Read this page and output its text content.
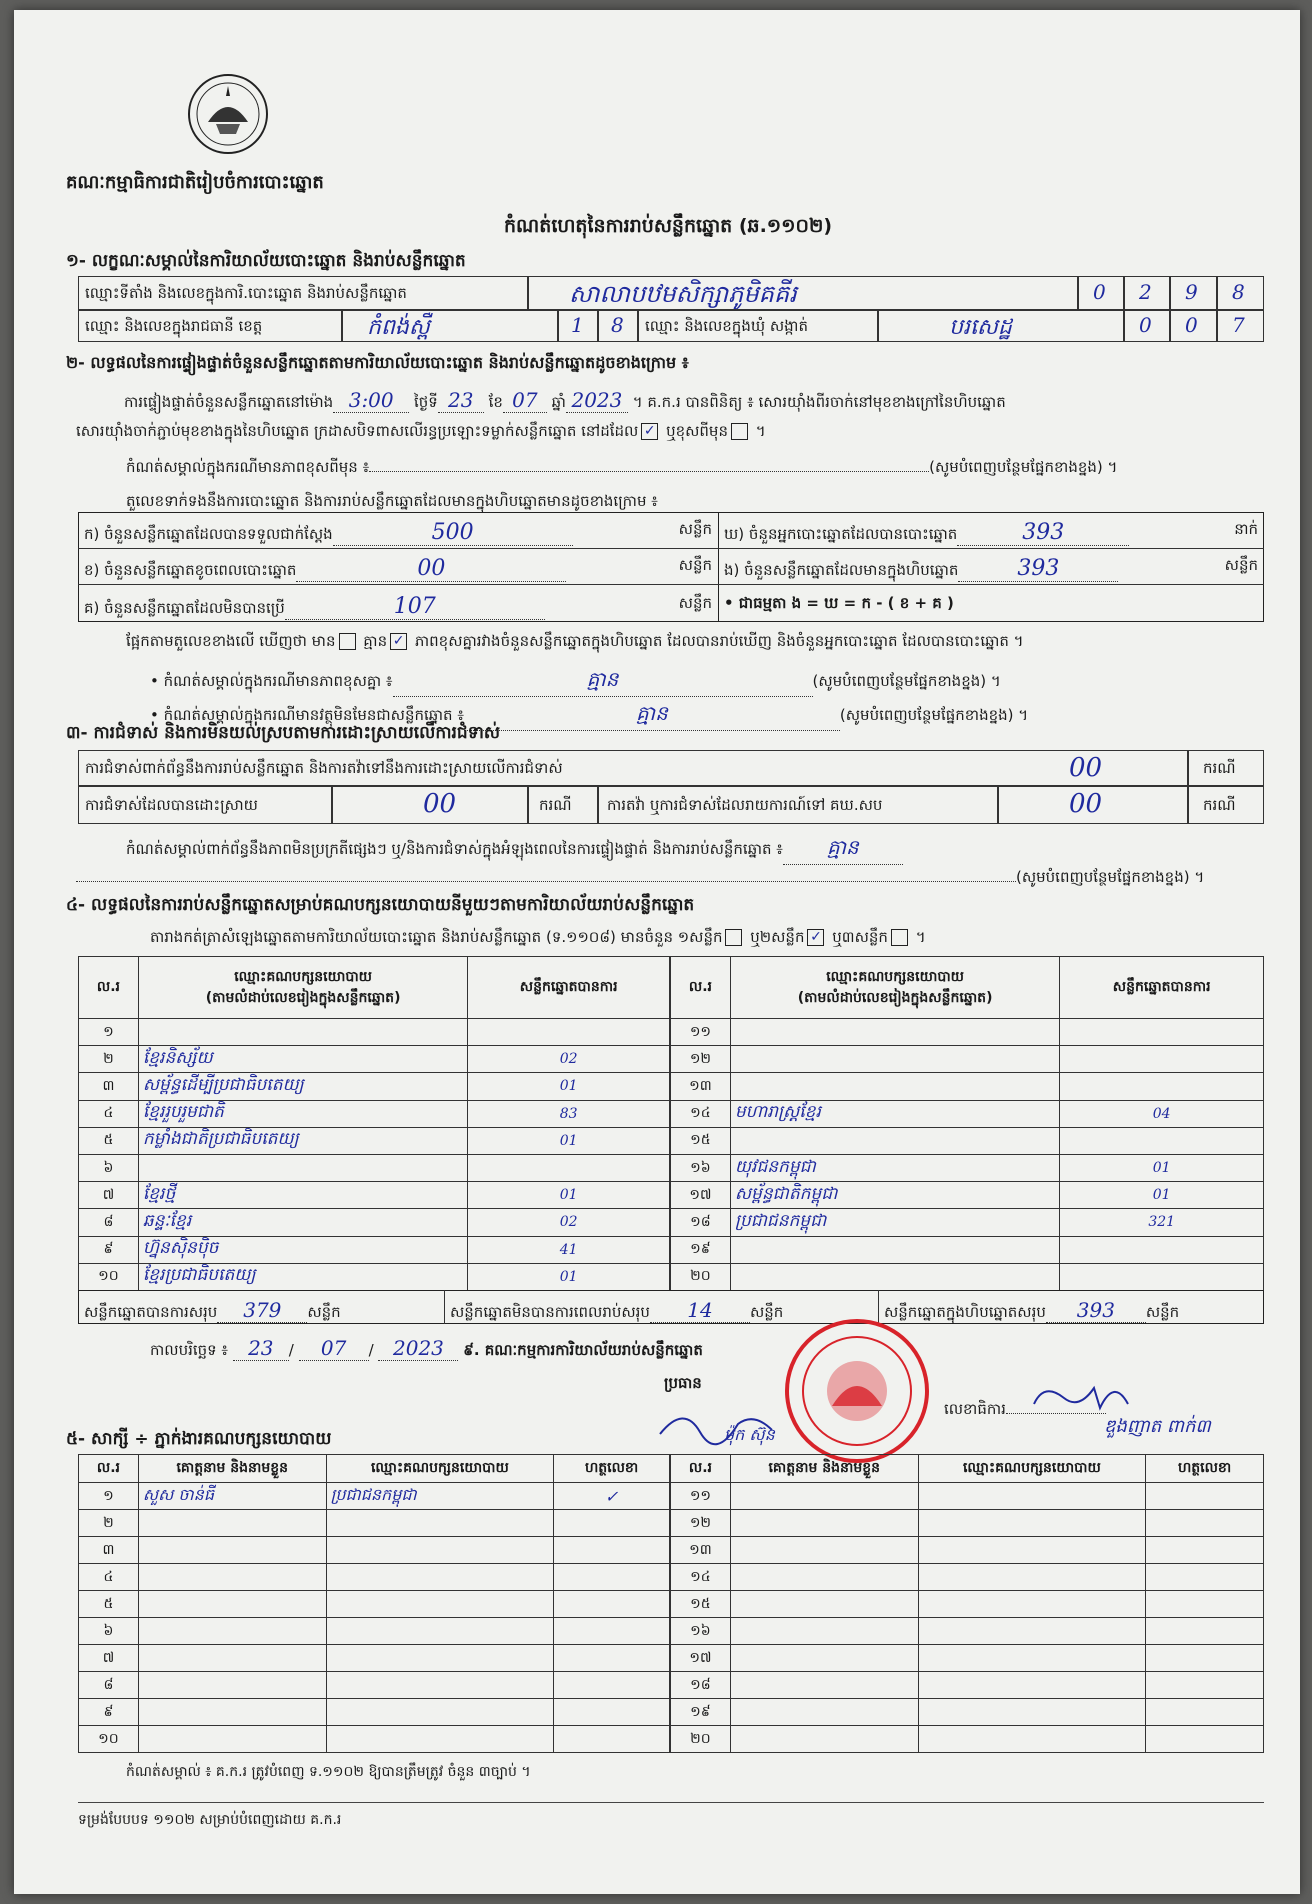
គណៈកម្មាធិការជាតិរៀបចំការបោះឆ្នោត
កំណត់ហេតុនៃការរាប់សន្លឹកឆ្នោត (ឆ.១១០២)
១- លក្ខណៈសម្គាល់នៃការិយាល័យបោះឆ្នោត និងរាប់សន្លឹកឆ្នោត
ឈ្មោះទីតាំង និងលេខក្នុងការិ.បោះឆ្នោត និងរាប់សន្លឹកឆ្នោត	សាលាបឋមសិក្សាភូមិគគីរ	0 2 9 8
ឈ្មោះ និងលេខក្នុងរាជធានី ខេត្ត	កំពង់ស្ពឺ	1 8 ឈ្មោះ និងលេខក្នុងឃុំ សង្កាត់	បរសេដ្ឋ	0 0 7
២- លទ្ធផលនៃការផ្ទៀងផ្ទាត់ចំនួនសន្លឹកឆ្នោតតាមការិយាល័យបោះឆ្នោត និងរាប់សន្លឹកឆ្នោតដូចខាងក្រោម ៖
ការផ្ទៀងផ្ទាត់ចំនួនសន្លឹកឆ្នោតនៅម៉ោង 3:00 ថ្ងៃទី 23 ខែ 07 ឆ្នាំ 2023 ។ គ.ក.រ បានពិនិត្យ ៖ សោរយ៉ាំងពីរចាក់នៅមុខខាងក្រៅនៃហិបឆ្នោត
សោរយ៉ាំងចាក់ភ្ជាប់មុខខាងក្នុងនៃហិបឆ្នោត ក្រដាសបិទពាសលើរន្ធប្រឡោះទម្លាក់សន្លឹកឆ្នោត នៅដដែល ✓ ឬខុសពីមុន ។
កំណត់សម្គាល់ក្នុងករណីមានភាពខុសពីមុន ៖	(សូមបំពេញបន្ថែមផ្នែកខាងខ្នង) ។
តួលេខទាក់ទងនឹងការបោះឆ្នោត និងការរាប់សន្លឹកឆ្នោតដែលមានក្នុងហិបឆ្នោតមានដូចខាងក្រោម ៖
ក) ចំនួនសន្លឹកឆ្នោតដែលបានទទួលជាក់ស្តែង	500	សន្លឹក
ខ) ចំនួនសន្លឹកឆ្នោតខូចពេលបោះឆ្នោត	00	សន្លឹក
គ) ចំនួនសន្លឹកឆ្នោតដែលមិនបានប្រើ	107	សន្លឹក
ឃ) ចំនួនអ្នកបោះឆ្នោតដែលបានបោះឆ្នោត	393	នាក់
ង) ចំនួនសន្លឹកឆ្នោតដែលមានក្នុងហិបឆ្នោត	393	សន្លឹក
• ជាធម្មតា ង = ឃ = ក - ( ខ + គ )
ផ្អែកតាមតួលេខខាងលើ ឃើញថា មាន គ្មាន ✓ ភាពខុសគ្នារវាងចំនួនសន្លឹកឆ្នោតក្នុងហិបឆ្នោត ដែលបានរាប់ឃើញ និងចំនួនអ្នកបោះឆ្នោត ដែលបានបោះឆ្នោត ។
• កំណត់សម្គាល់ក្នុងករណីមានភាពខុសគ្នា ៖	គ្មាន	(សូមបំពេញបន្ថែមផ្នែកខាងខ្នង) ។
• កំណត់សម្គាល់ក្នុងករណីមានវត្ថុមិនមែនជាសន្លឹកឆ្នោត ៖	គ្មាន	(សូមបំពេញបន្ថែមផ្នែកខាងខ្នង) ។
៣- ការជំទាស់ និងការមិនយល់ស្របតាមការដោះស្រាយលើការជំទាស់
ការជំទាស់ពាក់ព័ន្ធនឹងការរាប់សន្លឹកឆ្នោត និងការតវ៉ាទៅនឹងការដោះស្រាយលើការជំទាស់	00	ករណី
ការជំទាស់ដែលបានដោះស្រាយ	00	ករណី ការតវ៉ា ឬការជំទាស់ដែលរាយការណ៍ទៅ គឃ.សប	00	ករណី
កំណត់សម្គាល់ពាក់ព័ន្ធនឹងភាពមិនប្រក្រតីផ្សេងៗ ឬ/និងការជំទាស់ក្នុងអំឡុងពេលនៃការផ្ទៀងផ្ទាត់ និងការរាប់សន្លឹកឆ្នោត ៖ គ្មាន
(សូមបំពេញបន្ថែមផ្នែកខាងខ្នង) ។
៤- លទ្ធផលនៃការរាប់សន្លឹកឆ្នោតសម្រាប់គណបក្សនយោបាយនីមួយៗតាមការិយាល័យរាប់សន្លឹកឆ្នោត
តារាងកត់ត្រាសំឡេងឆ្នោតតាមការិយាល័យបោះឆ្នោត និងរាប់សន្លឹកឆ្នោត (ទ.១១០៨) មានចំនួន ១សន្លឹក ឬ២សន្លឹក ✓ ឬ៣សន្លឹក ។
ល.រ	ឈ្មោះគណបក្សនយោបាយ
(តាមលំដាប់លេខរៀងក្នុងសន្លឹកឆ្នោត)	សន្លឹកឆ្នោតបានការ
១		
២	ខ្មែរនិស្ស័យ	02
៣	សម្ព័ន្ធដើម្បីប្រជាធិបតេយ្យ	01
៤	ខ្មែររួបរួមជាតិ	83
៥	កម្លាំងជាតិប្រជាធិបតេយ្យ	01
៦		
៧	ខ្មែរថ្មី	01
៨	ឆន្ទៈខ្មែរ	02
៩	ហ្វ៊ុនស៊ិនប៉ិច	41
១០	ខ្មែរប្រជាធិបតេយ្យ	01
ល.រ	ឈ្មោះគណបក្សនយោបាយ
(តាមលំដាប់លេខរៀងក្នុងសន្លឹកឆ្នោត)	សន្លឹកឆ្នោតបានការ
១១		
១២		
១៣		
១៤	មហារាស្ត្រខ្មែរ	04
១៥		
១៦	យុវជនកម្ពុជា	01
១៧	សម្ព័ន្ធជាតិកម្ពុជា	01
១៨	ប្រជាជនកម្ពុជា	321
១៩		
២០		
សន្លឹកឆ្នោតបានការសរុប 379 សន្លឹក	សន្លឹកឆ្នោតមិនបានការពេលរាប់សរុប 14 សន្លឹក	សន្លឹកឆ្នោតក្នុងហិបឆ្នោតសរុប 393 សន្លឹក
កាលបរិច្ឆេទ ៖ 23 / 07 / 2023 ៩. គណៈកម្មការការិយាល័យរាប់សន្លឹកឆ្នោត
ប្រធាន
ម៉ុក ស៊ុន
លេខាធិការ
ឌួងញាត ពាក់៣
៥- សាក្សី ÷ ភ្នាក់ងារគណបក្សនយោបាយ
ល.រ	គោត្តនាម និងនាមខ្លួន	ឈ្មោះគណបក្សនយោបាយ	ហត្ថលេខា
១	សួស ចាន់ធី	ប្រជាជនកម្ពុជា	✓
២			
៣			
៤			
៥			
៦			
៧			
៨			
៩			
១០			
ល.រ	គោត្តនាម និងនាមខ្លួន	ឈ្មោះគណបក្សនយោបាយ	ហត្ថលេខា
១១			
១២			
១៣			
១៤			
១៥			
១៦			
១៧			
១៨			
១៩			
២០			
កំណត់សម្គាល់ ៖ គ.ក.រ ត្រូវបំពេញ ទ.១១០២ ឱ្យបានត្រឹមត្រូវ ចំនួន ៣ច្បាប់ ។
ទម្រង់បែបបទ ១១០២ សម្រាប់បំពេញដោយ គ.ក.រ
